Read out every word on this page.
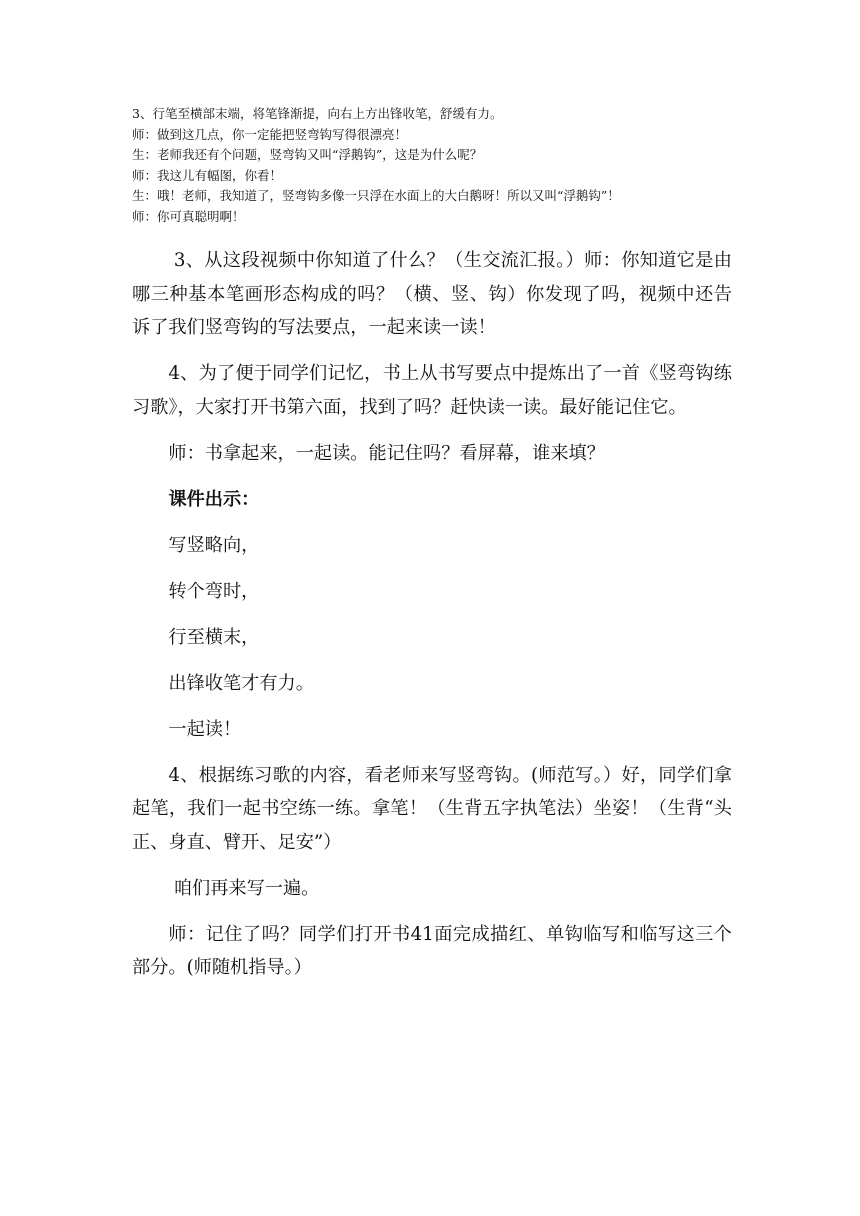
3、行笔至横部末端，将笔锋渐提，向右上方出锋收笔，舒缓有力。

师：做到这几点，你一定能把竖弯钩写得很漂亮！

生：老师我还有个问题，竖弯钩又叫“浮鹅钩”，这是为什么呢？

师：我这儿有幅图，你看！

生：哦！老师，我知道了，竖弯钩多像一只浮在水面上的大白鹅呀！所以又叫“浮鹅钩”！

师：你可真聪明啊！

3、从这段视频中你知道了什么？（生交流汇报。）师：你知道它是由哪三种基本笔画形态构成的吗？（横、竖、钩）你发现了吗，视频中还告诉了我们竖弯钩的写法要点，一起来读一读！

4、为了便于同学们记忆，书上从书写要点中提炼出了一首《竖弯钩练习歌》，大家打开书第六面，找到了吗？赶快读一读。最好能记住它。

师：书拿起来，一起读。能记住吗？看屏幕，谁来填？

课件出示：

写竖略向，

转个弯时，

行至横末，

出锋收笔才有力。

一起读！

4、根据练习歌的内容，看老师来写竖弯钩。(师范写。）好，同学们拿起笔，我们一起书空练一练。拿笔！（生背五字执笔法）坐姿！（生背“头正、身直、臂开、足安”）

咱们再来写一遍。

师：记住了吗？同学们打开书41面完成描红、单钩临写和临写这三个部分。(师随机指导。）
